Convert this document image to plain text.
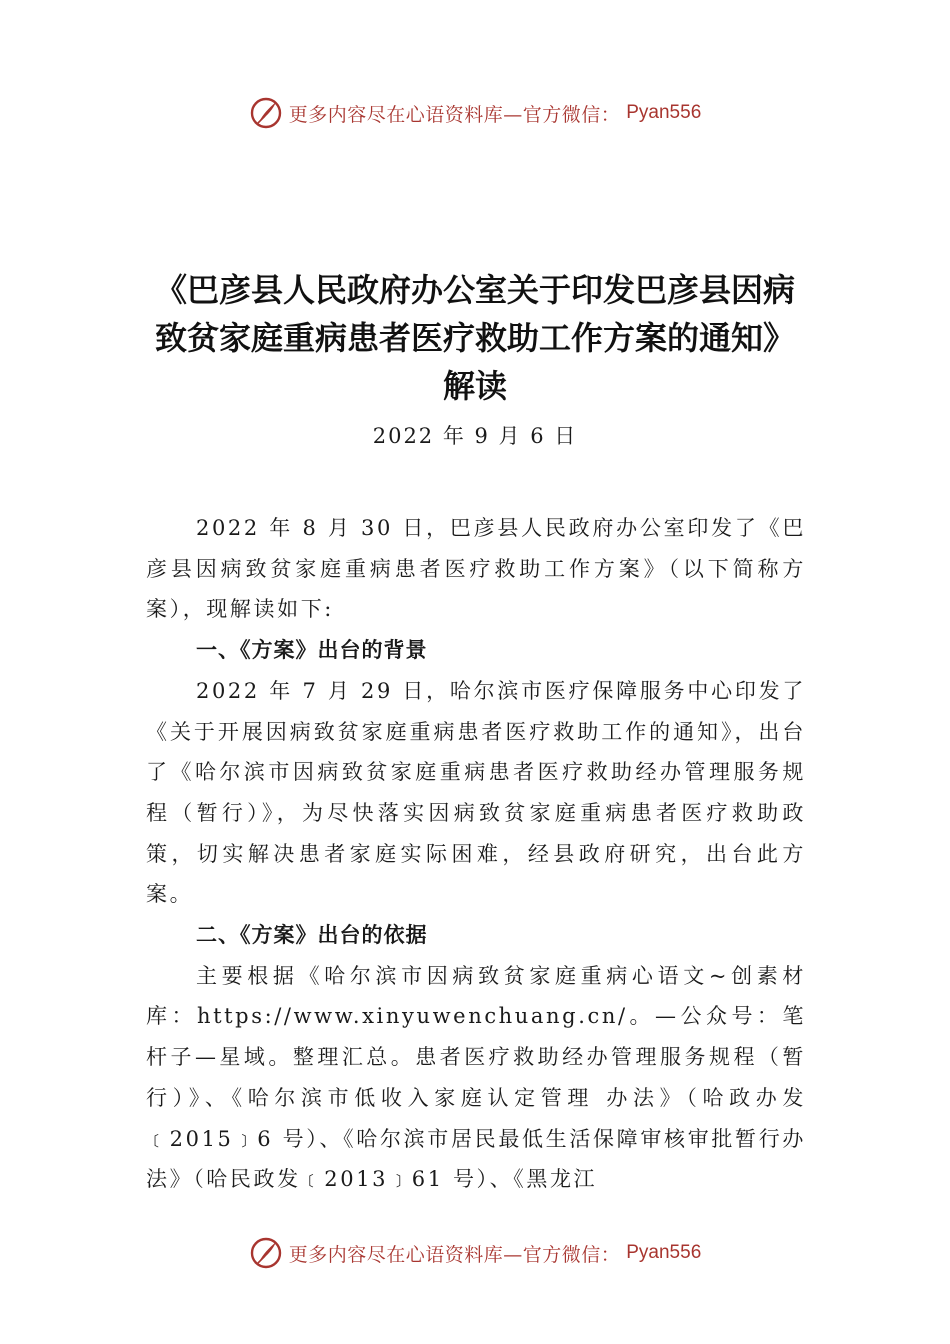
更多内容尽在心语资料库—官方微信： Pyan556
《巴彦县人民政府办公室关于印发巴彦县因病致贫家庭重病患者医疗救助工作方案的通知》解读
2022 年 9 月 6 日

2022 年 8 月 30 日，巴彦县人民政府办公室印发了《巴彦县因病致贫家庭重病患者医疗救助工作方案》（以下简称方案），现解读如下:

一、《方案》出台的背景

2022 年 7 月 29 日，哈尔滨市医疗保障服务中心印发了《关于开展因病致贫家庭重病患者医疗救助工作的通知》，出台了《哈尔滨市因病致贫家庭重病患者医疗救助经办管理服务规程（暂行）》，为尽快落实因病致贫家庭重病患者医疗救助政策，切实解决患者家庭实际困难，经县政府研究，出台此方案。

二、《方案》出台的依据

主要根据《哈尔滨市因病致贫家庭重病心语文~创素材库：https://www.xinyuwenchuang.cn/。—公众号：笔杆子—星域。整理汇总。患者医疗救助经办管理服务规程（暂行）》、《哈尔滨市低收入家庭认定管理 办法》（哈政办发﹝2015﹞6 号）、《哈尔滨市居民最低生活保障审核审批暂行办法》（哈民政发﹝2013﹞61 号）、《黑龙江

更多内容尽在心语资料库—官方微信： Pyan556
